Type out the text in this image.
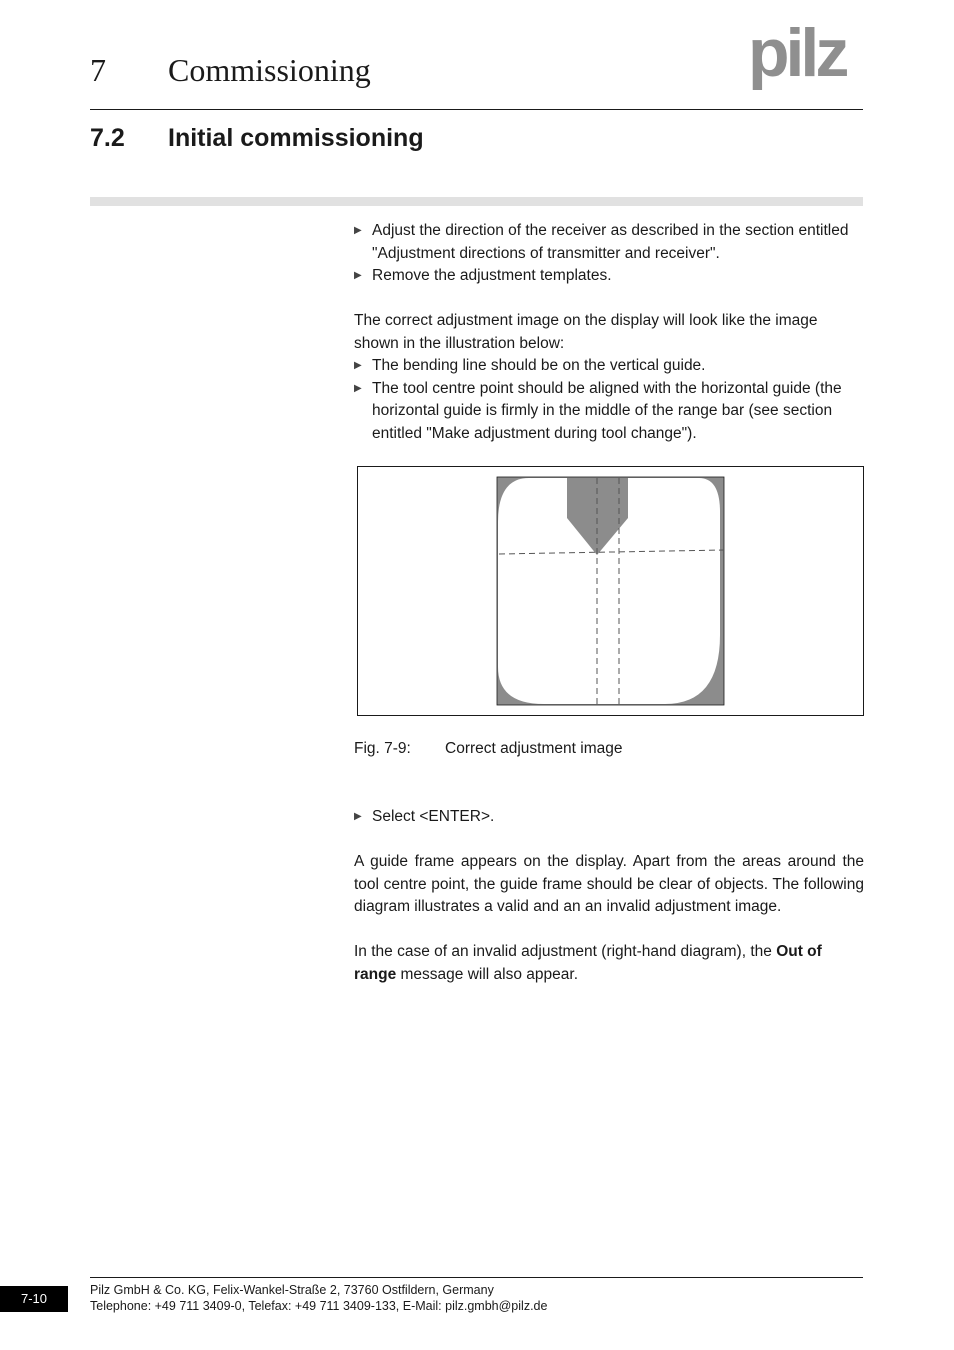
7 Commissioning	pilz
7.2 Initial commissioning
▶ Adjust the direction of the receiver as described in the section entitled "Adjustment directions of transmitter and receiver".
▶ Remove the adjustment templates.

The correct adjustment image on the display will look like the image shown in the illustration below:

▶ The bending line should be on the vertical guide.
▶ The tool centre point should be aligned with the horizontal guide (the horizontal guide is firmly in the middle of the range bar (see section entitled "Make adjustment during tool change").
Fig. 7-9: Correct adjustment image
▶ Select <ENTER>.

A guide frame appears on the display. Apart from the areas around the tool centre point, the guide frame should be clear of objects. The following diagram illustrates a valid and an an invalid adjustment image.

In the case of an invalid adjustment (right-hand diagram), the Out of range message will also appear.

7-10
Pilz GmbH & Co. KG, Felix-Wankel-Straße 2, 73760 Ostfildern, Germany
Telephone: +49 711 3409-0, Telefax: +49 711 3409-133, E-Mail: pilz.gmbh@pilz.de
